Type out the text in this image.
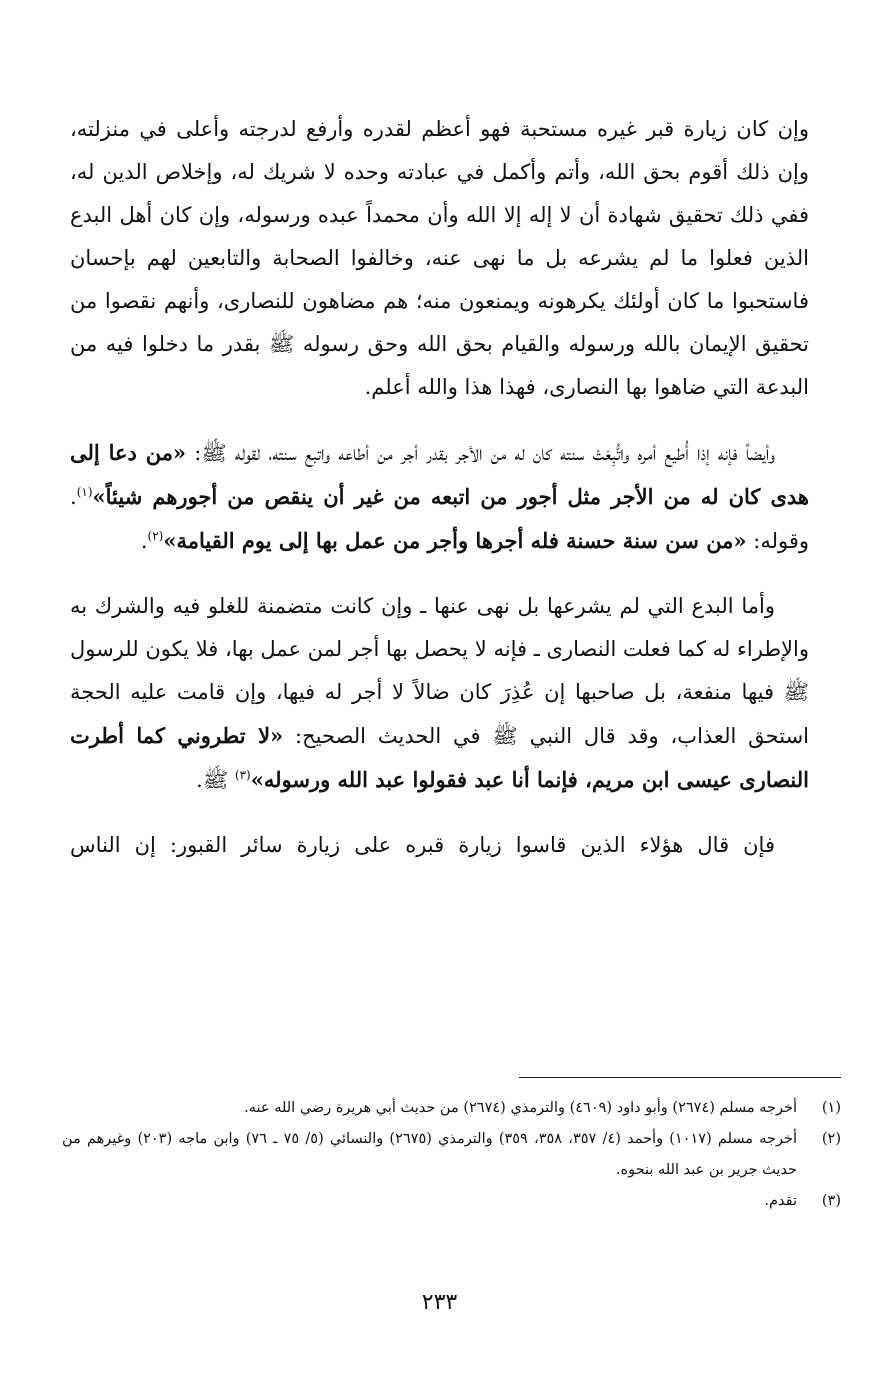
وإن كان زيارة قبر غيره مستحبة فهو أعظم لقدره وأرفع لدرجته وأعلى في منزلته، وإن ذلك أقوم بحق الله، وأتم وأكمل في عبادته وحده لا شريك له، وإخلاص الدين له، ففي ذلك تحقيق شهادة أن لا إله إلا الله وأن محمداً عبده ورسوله، وإن كان أهل البدع الذين فعلوا ما لم يشرعه بل ما نهى عنه، وخالفوا الصحابة والتابعين لهم بإحسان فاستحبوا ما كان أولئك يكرهونه ويمنعون منه؛ هم مضاهون للنصارى، وأنهم نقصوا من تحقيق الإيمان بالله ورسوله والقيام بحق الله وحق رسوله ﷺ بقدر ما دخلوا فيه من البدعة التي ضاهوا بها النصارى، فهذا هذا والله أعلم.

وأيضاً فإنه إذا أُطيع أمره واتُّبِعَتْ سنته كان له من الأجر بقدر أجر من أطاعه واتبع سنته، لقوله ﷺ: «من دعا إلى هدى كان له من الأجر مثل أجور من اتبعه من غير أن ينقص من أجورهم شيئاً»$^{(١)}$. وقوله: «من سن سنة حسنة فله أجرها وأجر من عمل بها إلى يوم القيامة»$^{(٢)}$.

وأما البدع التي لم يشرعها بل نهى عنها ـ وإن كانت متضمنة للغلو فيه والشرك به والإطراء له كما فعلت النصارى ـ فإنه لا يحصل بها أجر لمن عمل بها، فلا يكون للرسول ﷺ فيها منفعة، بل صاحبها إن عُذِرَ كان ضالاً لا أجر له فيها، وإن قامت عليه الحجة استحق العذاب، وقد قال النبي ﷺ في الحديث الصحيح: «لا تطروني كما أطرت النصارى عيسى ابن مريم، فإنما أنا عبد فقولوا عبد الله ورسوله»$^{(٣)}$ ﷺ.

فإن قال هؤلاء الذين قاسوا زيارة قبره على زيارة سائر القبور: إن الناس

(١)
أخرجه مسلم (٢٦٧٤) وأبو داود (٤٦٠٩) والترمذي (٢٦٧٤) من حديث أبي هريرة رضي الله عنه.
(٢)
أخرجه مسلم (١٠١٧) وأحمد (٤/ ٣٥٧، ٣٥٨، ٣٥٩) والترمذي (٢٦٧٥) والنسائي (٥/ ٧٥ ـ ٧٦) وابن ماجه (٢٠٣) وغيرهم من حديث جرير بن عبد الله بنحوه.
(٣)
تقدم.
٢٣٣
